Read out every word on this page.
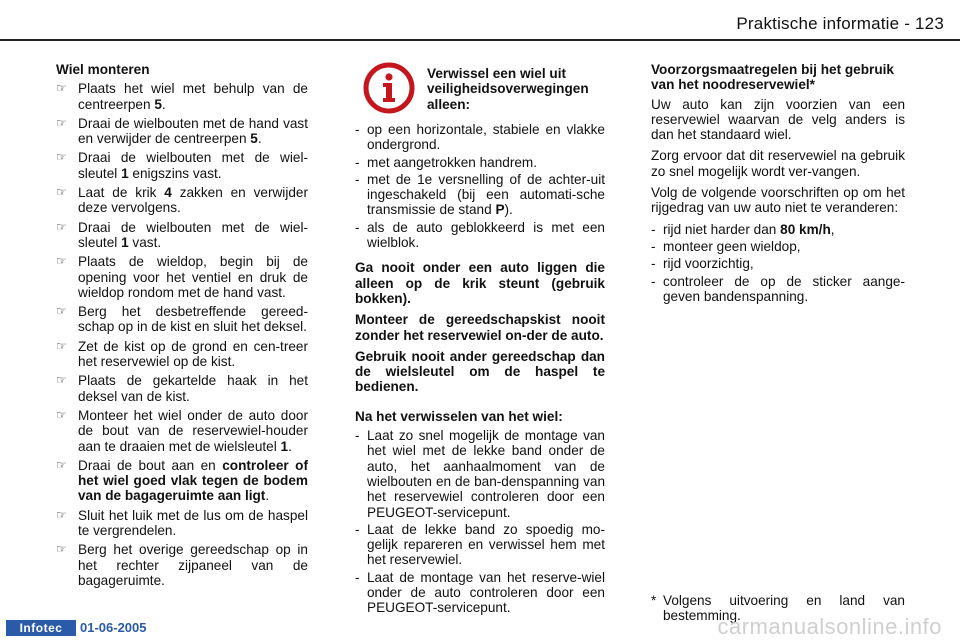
Praktische informatie - 123
Wiel monteren
☞ Plaats het wiel met behulp van de centreerpen 5.
☞ Draai de wielbouten met de hand vast en verwijder de centreerpen 5.
☞ Draai de wielbouten met de wiel-sleutel 1 enigszins vast.
☞ Laat de krik 4 zakken en verwijder deze vervolgens.
☞ Draai de wielbouten met de wiel-sleutel 1 vast.
☞ Plaats de wieldop, begin bij de opening voor het ventiel en druk de wieldop rondom met de hand vast.
☞ Berg het desbetreffende gereed-schap op in de kist en sluit het deksel.
☞ Zet de kist op de grond en cen-treer het reservewiel op de kist.
☞ Plaats de gekartelde haak in het deksel van de kist.
☞ Monteer het wiel onder de auto door de bout van de reservewiel-houder aan te draaien met de wielsleutel 1.
☞ Draai de bout aan en controleer of het wiel goed vlak tegen de bodem van de bagageruimte aan ligt.
☞ Sluit het luik met de lus om de haspel te vergrendelen.
☞ Berg het overige gereedschap op in het rechter zijpaneel van de bagageruimte.
Verwissel een wiel uit veiligheidsoverwegingen alleen:
- op een horizontale, stabiele en vlakke ondergrond.
- met aangetrokken handrem.
- met de 1e versnelling of de achter-uit ingeschakeld (bij een automati-sche transmissie de stand P).
- als de auto geblokkeerd is met een wielblok.
Ga nooit onder een auto liggen die alleen op de krik steunt (gebruik bokken).
Monteer de gereedschapskist nooit zonder het reservewiel on-der de auto.
Gebruik nooit ander gereedschap dan de wielsleutel om de haspel te bedienen.
Na het verwisselen van het wiel:
- Laat zo snel mogelijk de montage van het wiel met de lekke band onder de auto, het aanhaalmoment van de wielbouten en de ban-denspanning van het reservewiel controleren door een PEUGEOT-servicepunt.
- Laat de lekke band zo spoedig mo-gelijk repareren en verwissel hem met het reservewiel.
- Laat de montage van het reserve-wiel onder de auto controleren door een PEUGEOT-servicepunt.
Voorzorgsmaatregelen bij het gebruik van het noodreservewiel*
Uw auto kan zijn voorzien van een reservewiel waarvan de velg anders is dan het standaard wiel.
Zorg ervoor dat dit reservewiel na gebruik zo snel mogelijk wordt ver-vangen.
Volg de volgende voorschriften op om het rijgedrag van uw auto niet te veranderen:
- rijd niet harder dan 80 km/h,
- monteer geen wieldop,
- rijd voorzichtig,
- controleer de op de sticker aange-geven bandenspanning.
* Volgens uitvoering en land van bestemming.
Infotec	01-06-2005	carmanualsonline.info
